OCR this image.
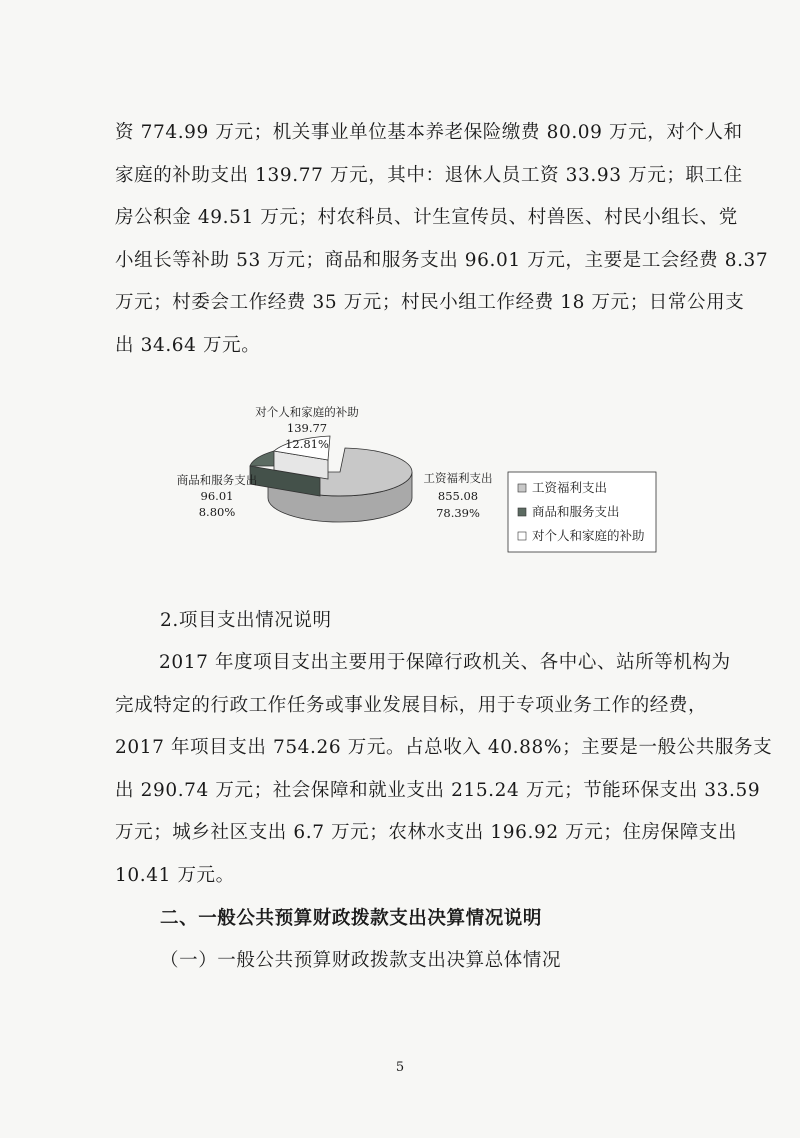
资 774.99 万元；机关事业单位基本养老保险缴费 80.09 万元，对个人和
家庭的补助支出 139.77 万元，其中：退休人员工资 33.93 万元；职工住
房公积金 49.51 万元；村农科员、计生宣传员、村兽医、村民小组长、党
小组长等补助 53 万元；商品和服务支出 96.01 万元，主要是工会经费 8.37
万元；村委会工作经费 35 万元；村民小组工作经费 18 万元；日常公用支
出 34.64 万元。
对个人和家庭的补助
139.77
12.81%
商品和服务支出
96.01
8.80%
工资福利支出
855.08
78.39%
工资福利支出
商品和服务支出
对个人和家庭的补助
2.项目支出情况说明
2017 年度项目支出主要用于保障行政机关、各中心、站所等机构为
完成特定的行政工作任务或事业发展目标，用于专项业务工作的经费，
2017 年项目支出 754.26 万元。占总收入 40.88%；主要是一般公共服务支
出 290.74 万元；社会保障和就业支出 215.24 万元；节能环保支出 33.59
万元；城乡社区支出 6.7 万元；农林水支出 196.92 万元；住房保障支出
10.41 万元。
二、一般公共预算财政拨款支出决算情况说明
（一）一般公共预算财政拨款支出决算总体情况
5
